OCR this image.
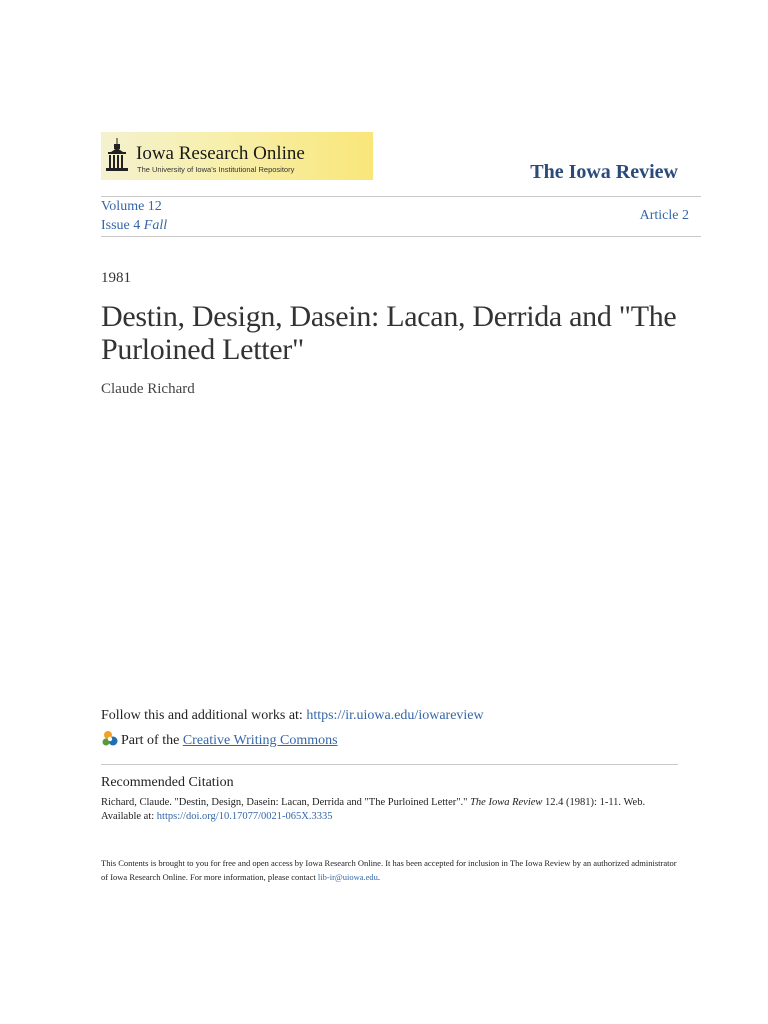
Iowa Research Online
The University of Iowa's Institutional Repository	The Iowa Review
Volume 12
Issue 4 Fall
Article 2
1981
Destin, Design, Dasein: Lacan, Derrida and "The Purloined Letter"
Claude Richard
Follow this and additional works at: https://ir.uiowa.edu/iowareview
Part of the Creative Writing Commons
Recommended Citation
Richard, Claude. "Destin, Design, Dasein: Lacan, Derrida and "The Purloined Letter"." The Iowa Review 12.4 (1981): 1-11. Web.
Available at: https://doi.org/10.17077/0021-065X.3335
This Contents is brought to you for free and open access by Iowa Research Online. It has been accepted for inclusion in The Iowa Review by an authorized administrator of Iowa Research Online. For more information, please contact lib-ir@uiowa.edu.
